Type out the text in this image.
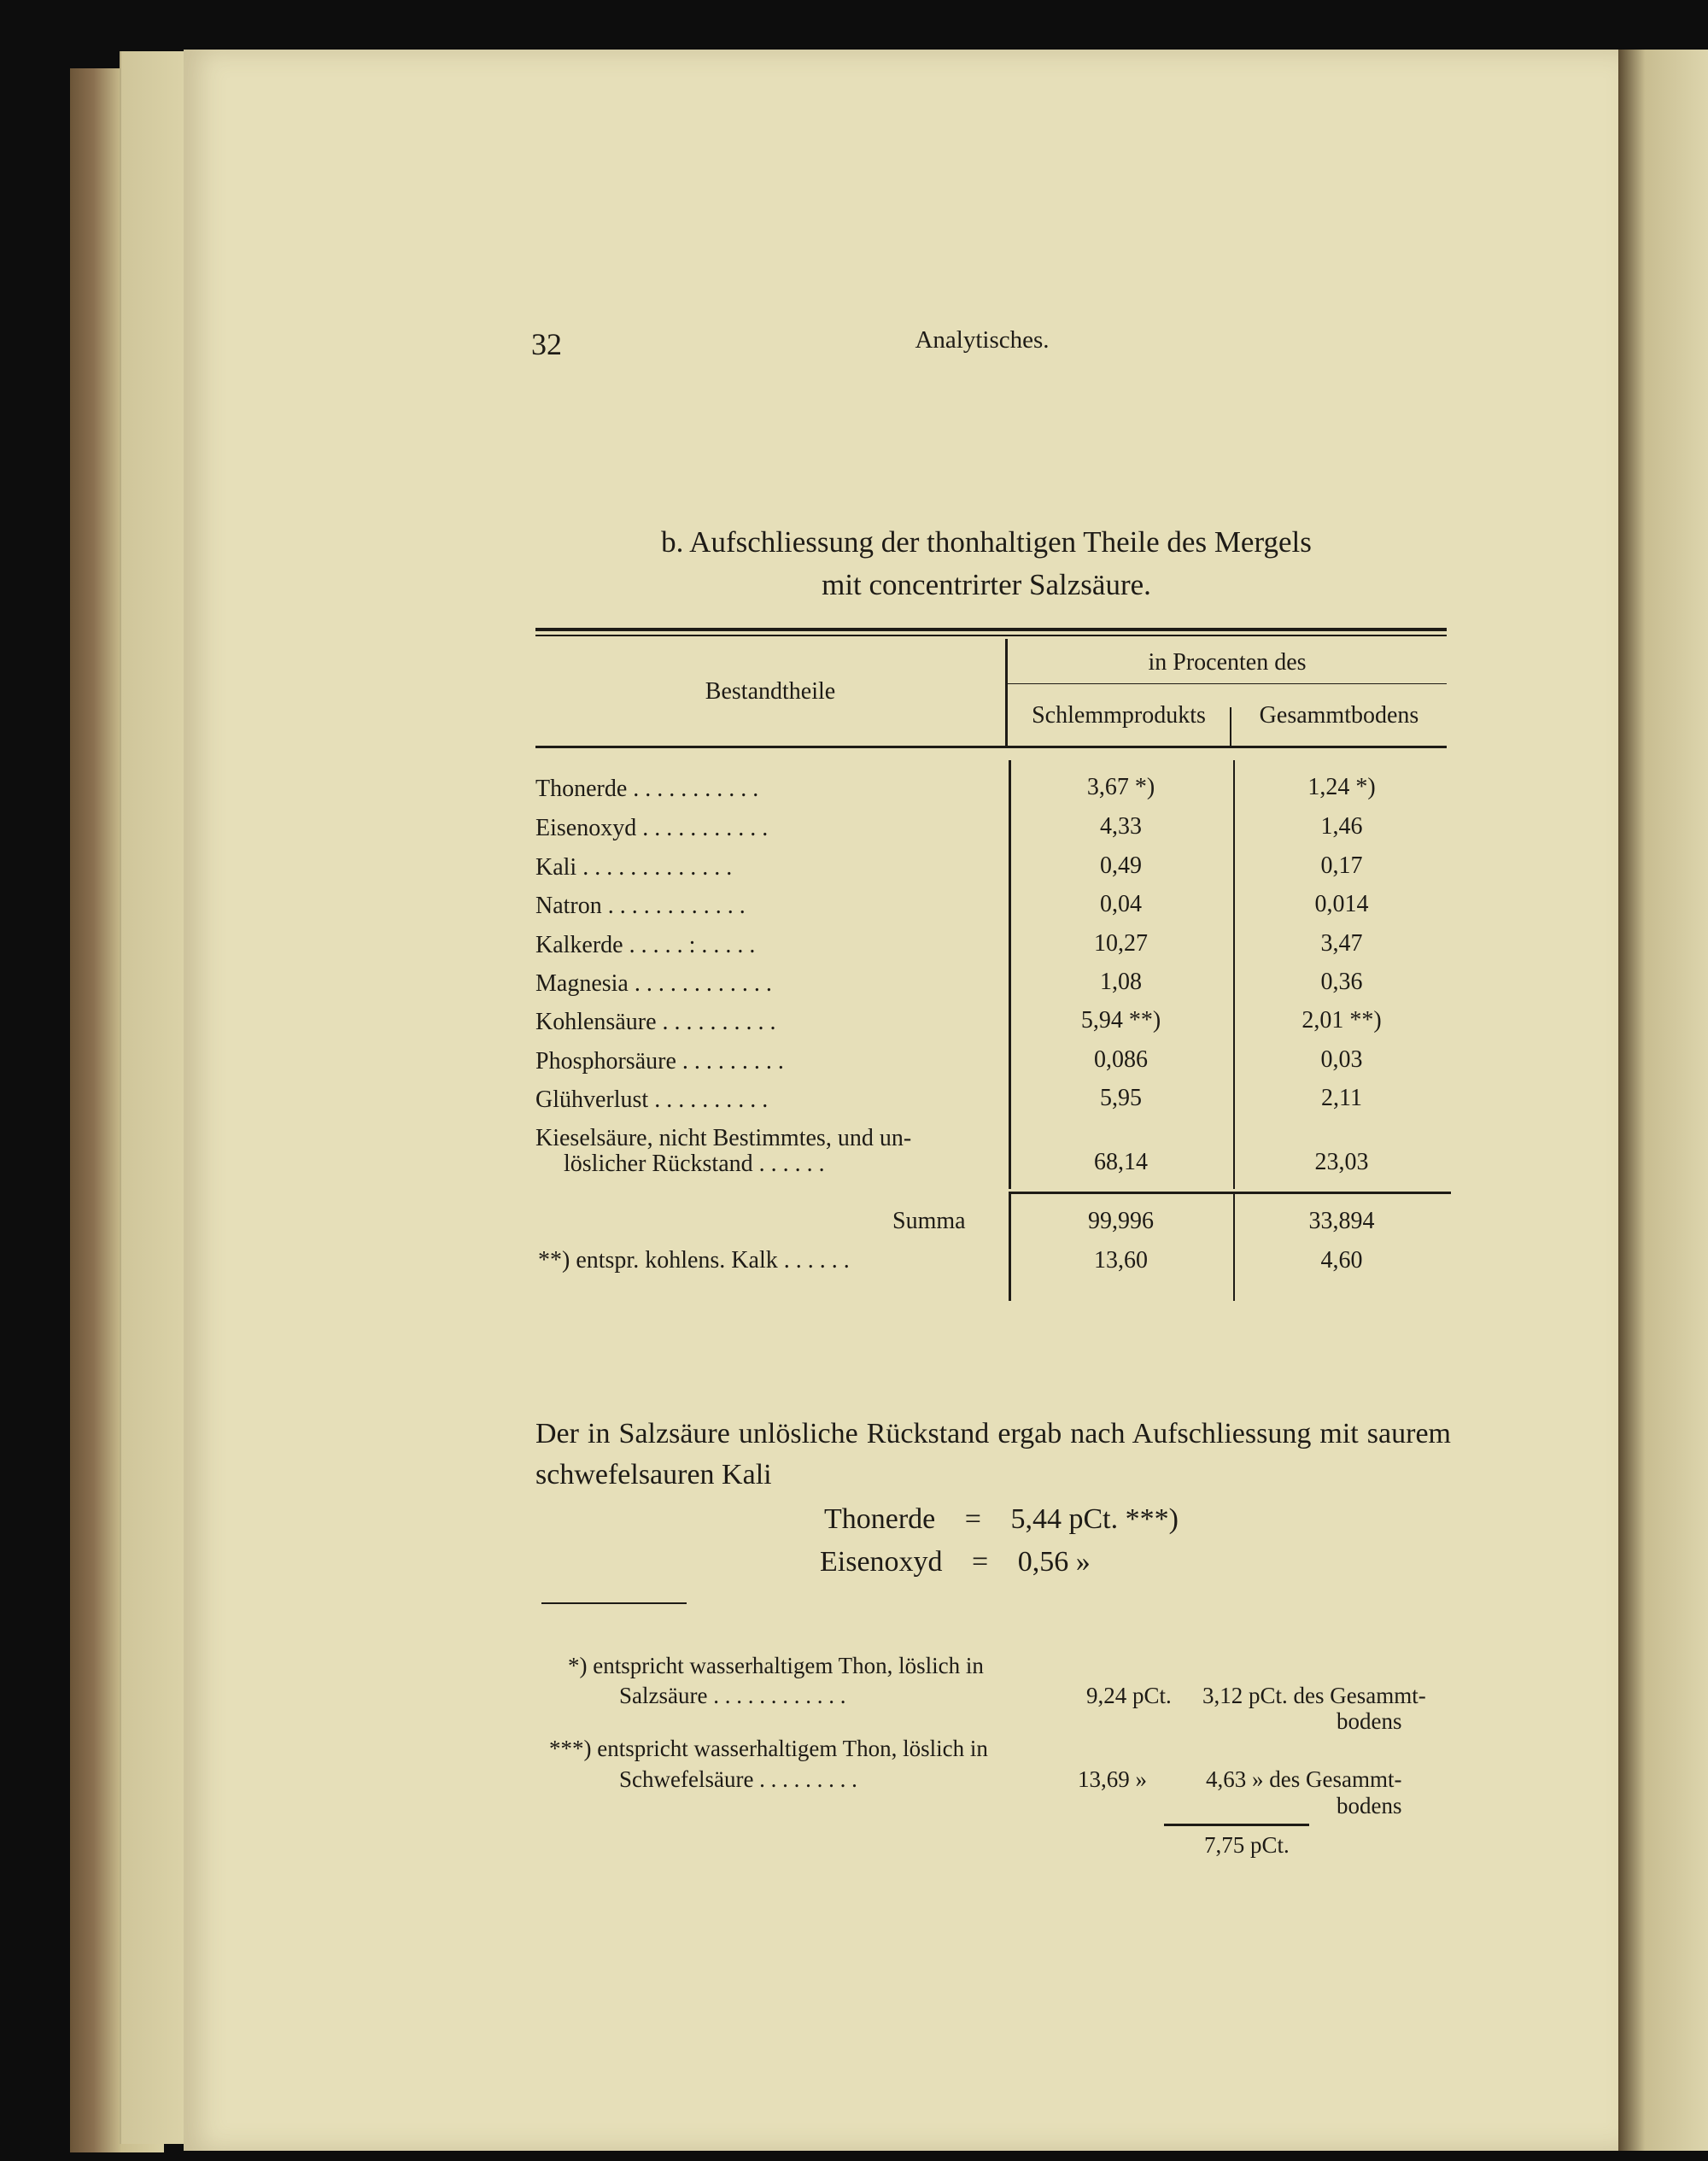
32	Analytisches.
b. Aufschliessung der thonhaltigen Theile des Mergels
mit concentrirter Salzsäure.
Bestandtheile
in Procenten des
Schlemmprodukts	Gesammtbodens
Thonerde . . . . . . . . . . .	3,67 *)	1,24 *)
Eisenoxyd . . . . . . . . . . .	4,33	1,46
Kali . . . . . . . . . . . . .	0,49	0,17
Natron . . . . . . . . . . . .	0,04	0,014
Kalkerde . . . . . : . . . . .	10,27	3,47
Magnesia . . . . . . . . . . . .	1,08	0,36
Kohlensäure . . . . . . . . . .	5,94 **)	2,01 **)
Phosphorsäure . . . . . . . . .	0,086	0,03
Glühverlust . . . . . . . . . .	5,95	2,11
Kieselsäure, nicht Bestimmtes, und un-
löslicher Rückstand . . . . . .	68,14	23,03
Summa	99,996	33,894
**) entspr. kohlens. Kalk . . . . . .	13,60	4,60
Der in Salzsäure unlösliche Rückstand ergab nach Aufschliessung mit saurem schwefelsauren Kali
Thonerde = 5,44 pCt. ***)
Eisenoxyd = 0,56 »
*) entspricht wasserhaltigem Thon, löslich in
Salzsäure . . . . . . . . . . . .	9,24 pCt. 3,12 pCt. des Gesammt-
bodens
***) entspricht wasserhaltigem Thon, löslich in
Schwefelsäure . . . . . . . . .	13,69 »	4,63 » des Gesammt-
bodens
7,75 pCt.
